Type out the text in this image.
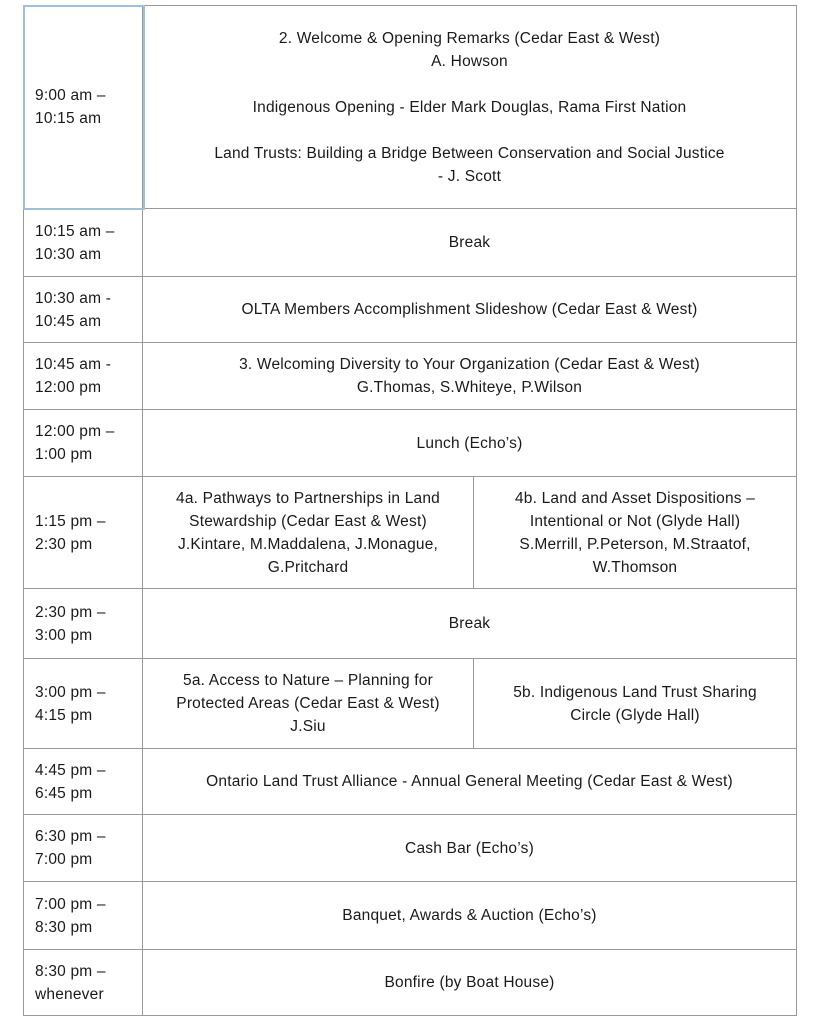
9:00 am –
10:15 am
2. Welcome & Opening Remarks (Cedar East & West)
A. Howson
Indigenous Opening - Elder Mark Douglas, Rama First Nation
Land Trusts: Building a Bridge Between Conservation and Social Justice
- J. Scott
10:15 am –
10:30 am
Break
10:30 am -
10:45 am
OLTA Members Accomplishment Slideshow (Cedar East & West)
10:45 am -
12:00 pm
3. Welcoming Diversity to Your Organization (Cedar East & West)
G.Thomas, S.Whiteye, P.Wilson
12:00 pm –
1:00 pm
Lunch (Echo’s)
1:15 pm –
2:30 pm
4a. Pathways to Partnerships in Land
Stewardship (Cedar East & West)
J.Kintare, M.Maddalena, J.Monague,
G.Pritchard
4b. Land and Asset Dispositions –
Intentional or Not (Glyde Hall)
S.Merrill, P.Peterson, M.Straatof,
W.Thomson
2:30 pm –
3:00 pm
Break
3:00 pm –
4:15 pm
5a. Access to Nature – Planning for
Protected Areas (Cedar East & West)
J.Siu
5b. Indigenous Land Trust Sharing
Circle (Glyde Hall)
4:45 pm –
6:45 pm
Ontario Land Trust Alliance - Annual General Meeting (Cedar East & West)
6:30 pm –
7:00 pm
Cash Bar (Echo’s)
7:00 pm –
8:30 pm
Banquet, Awards & Auction (Echo’s)
8:30 pm –
whenever
Bonfire (by Boat House)
